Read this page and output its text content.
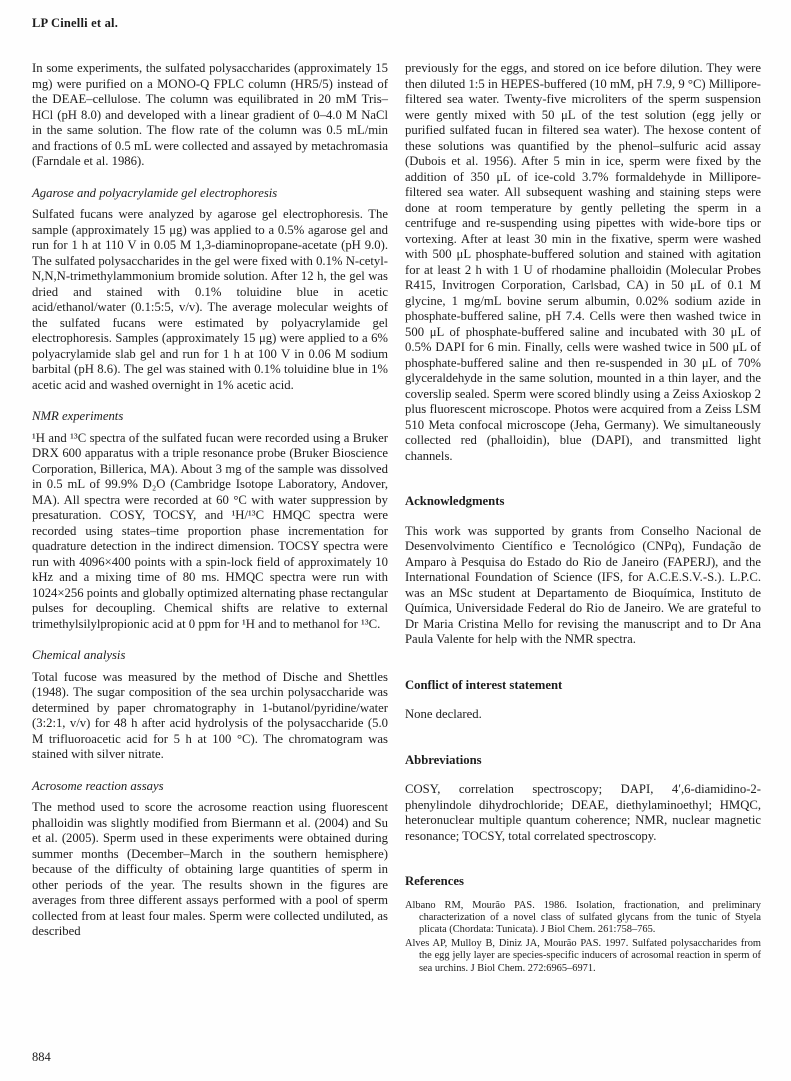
LP Cinelli et al.

In some experiments, the sulfated polysaccharides (approximately 15 mg) were purified on a MONO-Q FPLC column (HR5/5) instead of the DEAE–cellulose. The column was equilibrated in 20 mM Tris–HCl (pH 8.0) and developed with a linear gradient of 0–4.0 M NaCl in the same solution. The flow rate of the column was 0.5 mL/min and fractions of 0.5 mL were collected and assayed by metachromasia (Farndale et al. 1986).

Agarose and polyacrylamide gel electrophoresis

Sulfated fucans were analyzed by agarose gel electrophoresis. The sample (approximately 15 μg) was applied to a 0.5% agarose gel and run for 1 h at 110 V in 0.05 M 1,3-diaminopropane-acetate (pH 9.0). The sulfated polysaccharides in the gel were fixed with 0.1% N-cetyl-N,N,N-trimethylammonium bromide solution. After 12 h, the gel was dried and stained with 0.1% toluidine blue in acetic acid/ethanol/water (0.1:5:5, v/v). The average molecular weights of the sulfated fucans were estimated by polyacrylamide gel electrophoresis. Samples (approximately 15 μg) were applied to a 6% polyacrylamide slab gel and run for 1 h at 100 V in 0.06 M sodium barbital (pH 8.6). The gel was stained with 0.1% toluidine blue in 1% acetic acid and washed overnight in 1% acetic acid.

NMR experiments

¹H and ¹³C spectra of the sulfated fucan were recorded using a Bruker DRX 600 apparatus with a triple resonance probe (Bruker Bioscience Corporation, Billerica, MA). About 3 mg of the sample was dissolved in 0.5 mL of 99.9% D₂O (Cambridge Isotope Laboratory, Andover, MA). All spectra were recorded at 60 °C with water suppression by presaturation. COSY, TOCSY, and ¹H/¹³C HMQC spectra were recorded using states–time proportion phase incrementation for quadrature detection in the indirect dimension. TOCSY spectra were run with 4096×400 points with a spin-lock field of approximately 10 kHz and a mixing time of 80 ms. HMQC spectra were run with 1024×256 points and globally optimized alternating phase rectangular pulses for decoupling. Chemical shifts are relative to external trimethylsilylpropionic acid at 0 ppm for ¹H and to methanol for ¹³C.

Chemical analysis

Total fucose was measured by the method of Dische and Shettles (1948). The sugar composition of the sea urchin polysaccharide was determined by paper chromatography in 1-butanol/pyridine/water (3:2:1, v/v) for 48 h after acid hydrolysis of the polysaccharide (5.0 M trifluoroacetic acid for 5 h at 100 °C). The chromatogram was stained with silver nitrate.

Acrosome reaction assays

The method used to score the acrosome reaction using fluorescent phalloidin was slightly modified from Biermann et al. (2004) and Su et al. (2005). Sperm used in these experiments were obtained during summer months (December–March in the southern hemisphere) because of the difficulty of obtaining large quantities of sperm in other periods of the year. The results shown in the figures are averages from three different assays performed with a pool of sperm collected from at least four males. Sperm were collected undiluted, as described

previously for the eggs, and stored on ice before dilution. They were then diluted 1:5 in HEPES-buffered (10 mM, pH 7.9, 9 °C) Millipore-filtered sea water. Twenty-five microliters of the sperm suspension were gently mixed with 50 μL of the test solution (egg jelly or purified sulfated fucan in filtered sea water). The hexose content of these solutions was quantified by the phenol–sulfuric acid assay (Dubois et al. 1956). After 5 min in ice, sperm were fixed by the addition of 350 μL of ice-cold 3.7% formaldehyde in Millipore-filtered sea water. All subsequent washing and staining steps were done at room temperature by gently pelleting the sperm in a centrifuge and re-suspending using pipettes with wide-bore tips or vortexing. After at least 30 min in the fixative, sperm were washed with 500 μL phosphate-buffered solution and stained with agitation for at least 2 h with 1 U of rhodamine phalloidin (Molecular Probes R415, Invitrogen Corporation, Carlsbad, CA) in 50 μL of 0.1 M glycine, 1 mg/mL bovine serum albumin, 0.02% sodium azide in phosphate-buffered saline, pH 7.4. Cells were then washed twice in 500 μL of phosphate-buffered saline and incubated with 30 μL of 0.5% DAPI for 6 min. Finally, cells were washed twice in 500 μL of phosphate-buffered saline and then re-suspended in 30 μL of 70% glyceraldehyde in the same solution, mounted in a thin layer, and the coverslip sealed. Sperm were scored blindly using a Zeiss Axioskop 2 plus fluorescent microscope. Photos were acquired from a Zeiss LSM 510 Meta confocal microscope (Jeha, Germany). We simultaneously collected red (phalloidin), blue (DAPI), and transmitted light channels.

Acknowledgments

This work was supported by grants from Conselho Nacional de Desenvolvimento Científico e Tecnológico (CNPq), Fundação de Amparo à Pesquisa do Estado do Rio de Janeiro (FAPERJ), and the International Foundation of Science (IFS, for A.C.E.S.V.-S.). L.P.C. was an MSc student at Departamento de Bioquímica, Instituto de Química, Universidade Federal do Rio de Janeiro. We are grateful to Dr Maria Cristina Mello for revising the manuscript and to Dr Ana Paula Valente for help with the NMR spectra.

Conflict of interest statement

None declared.

Abbreviations

COSY, correlation spectroscopy; DAPI, 4′,6-diamidino-2-phenylindole dihydrochloride; DEAE, diethylaminoethyl; HMQC, heteronuclear multiple quantum coherence; NMR, nuclear magnetic resonance; TOCSY, total correlated spectroscopy.

References

Albano RM, Mourão PAS. 1986. Isolation, fractionation, and preliminary characterization of a novel class of sulfated glycans from the tunic of Styela plicata (Chordata: Tunicata). J Biol Chem. 261:758–765.

Alves AP, Mulloy B, Diniz JA, Mourão PAS. 1997. Sulfated polysaccharides from the egg jelly layer are species-specific inducers of acrosomal reaction in sperm of sea urchins. J Biol Chem. 272:6965–6971.

884
